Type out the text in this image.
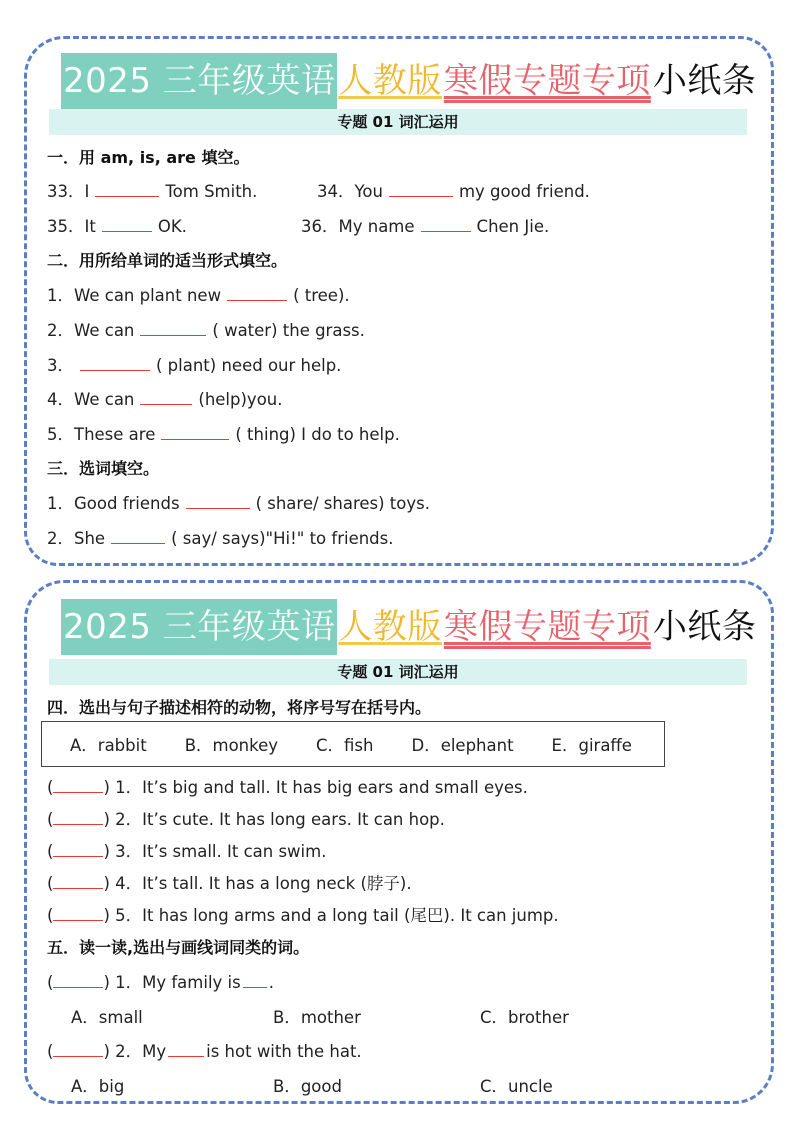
2025 三年级英语 人教版 寒假专题专项 小纸条
专题 01 词汇运用
一．用 am, is, are 填空。
33．I	Tom Smith.	34．You	my good friend.
35．It	OK.	36．My name	Chen Jie.
二．用所给单词的适当形式填空。
1．We can plant new	( tree).
2．We can	( water) the grass.
3．	( plant) need our help.
4．We can	(help)you.
5．These are	( thing) I do to help.
三．选词填空。
1．Good friends	( share/ shares) toys.
2．She	( say/ says)"Hi!" to friends.
2025 三年级英语 人教版 寒假专题专项 小纸条
专题 01 词汇运用
四．选出与句子描述相符的动物，将序号写在括号内。
A．rabbit B．monkey C．fish D．elephant E．giraffe
(	) 1．It’s big and tall. It has big ears and small eyes.
(	) 2．It’s cute. It has long ears. It can hop.
(	) 3．It’s small. It can swim.
(	) 4．It’s tall. It has a long neck (脖子).
(	) 5．It has long arms and a long tail (尾巴). It can jump.
五．读一读,选出与画线词同类的词。
(	) 1．My family is .
A．small	B．mother	C．brother
(	) 2．My is hot with the hat.
A．big	B．good	C．uncle
